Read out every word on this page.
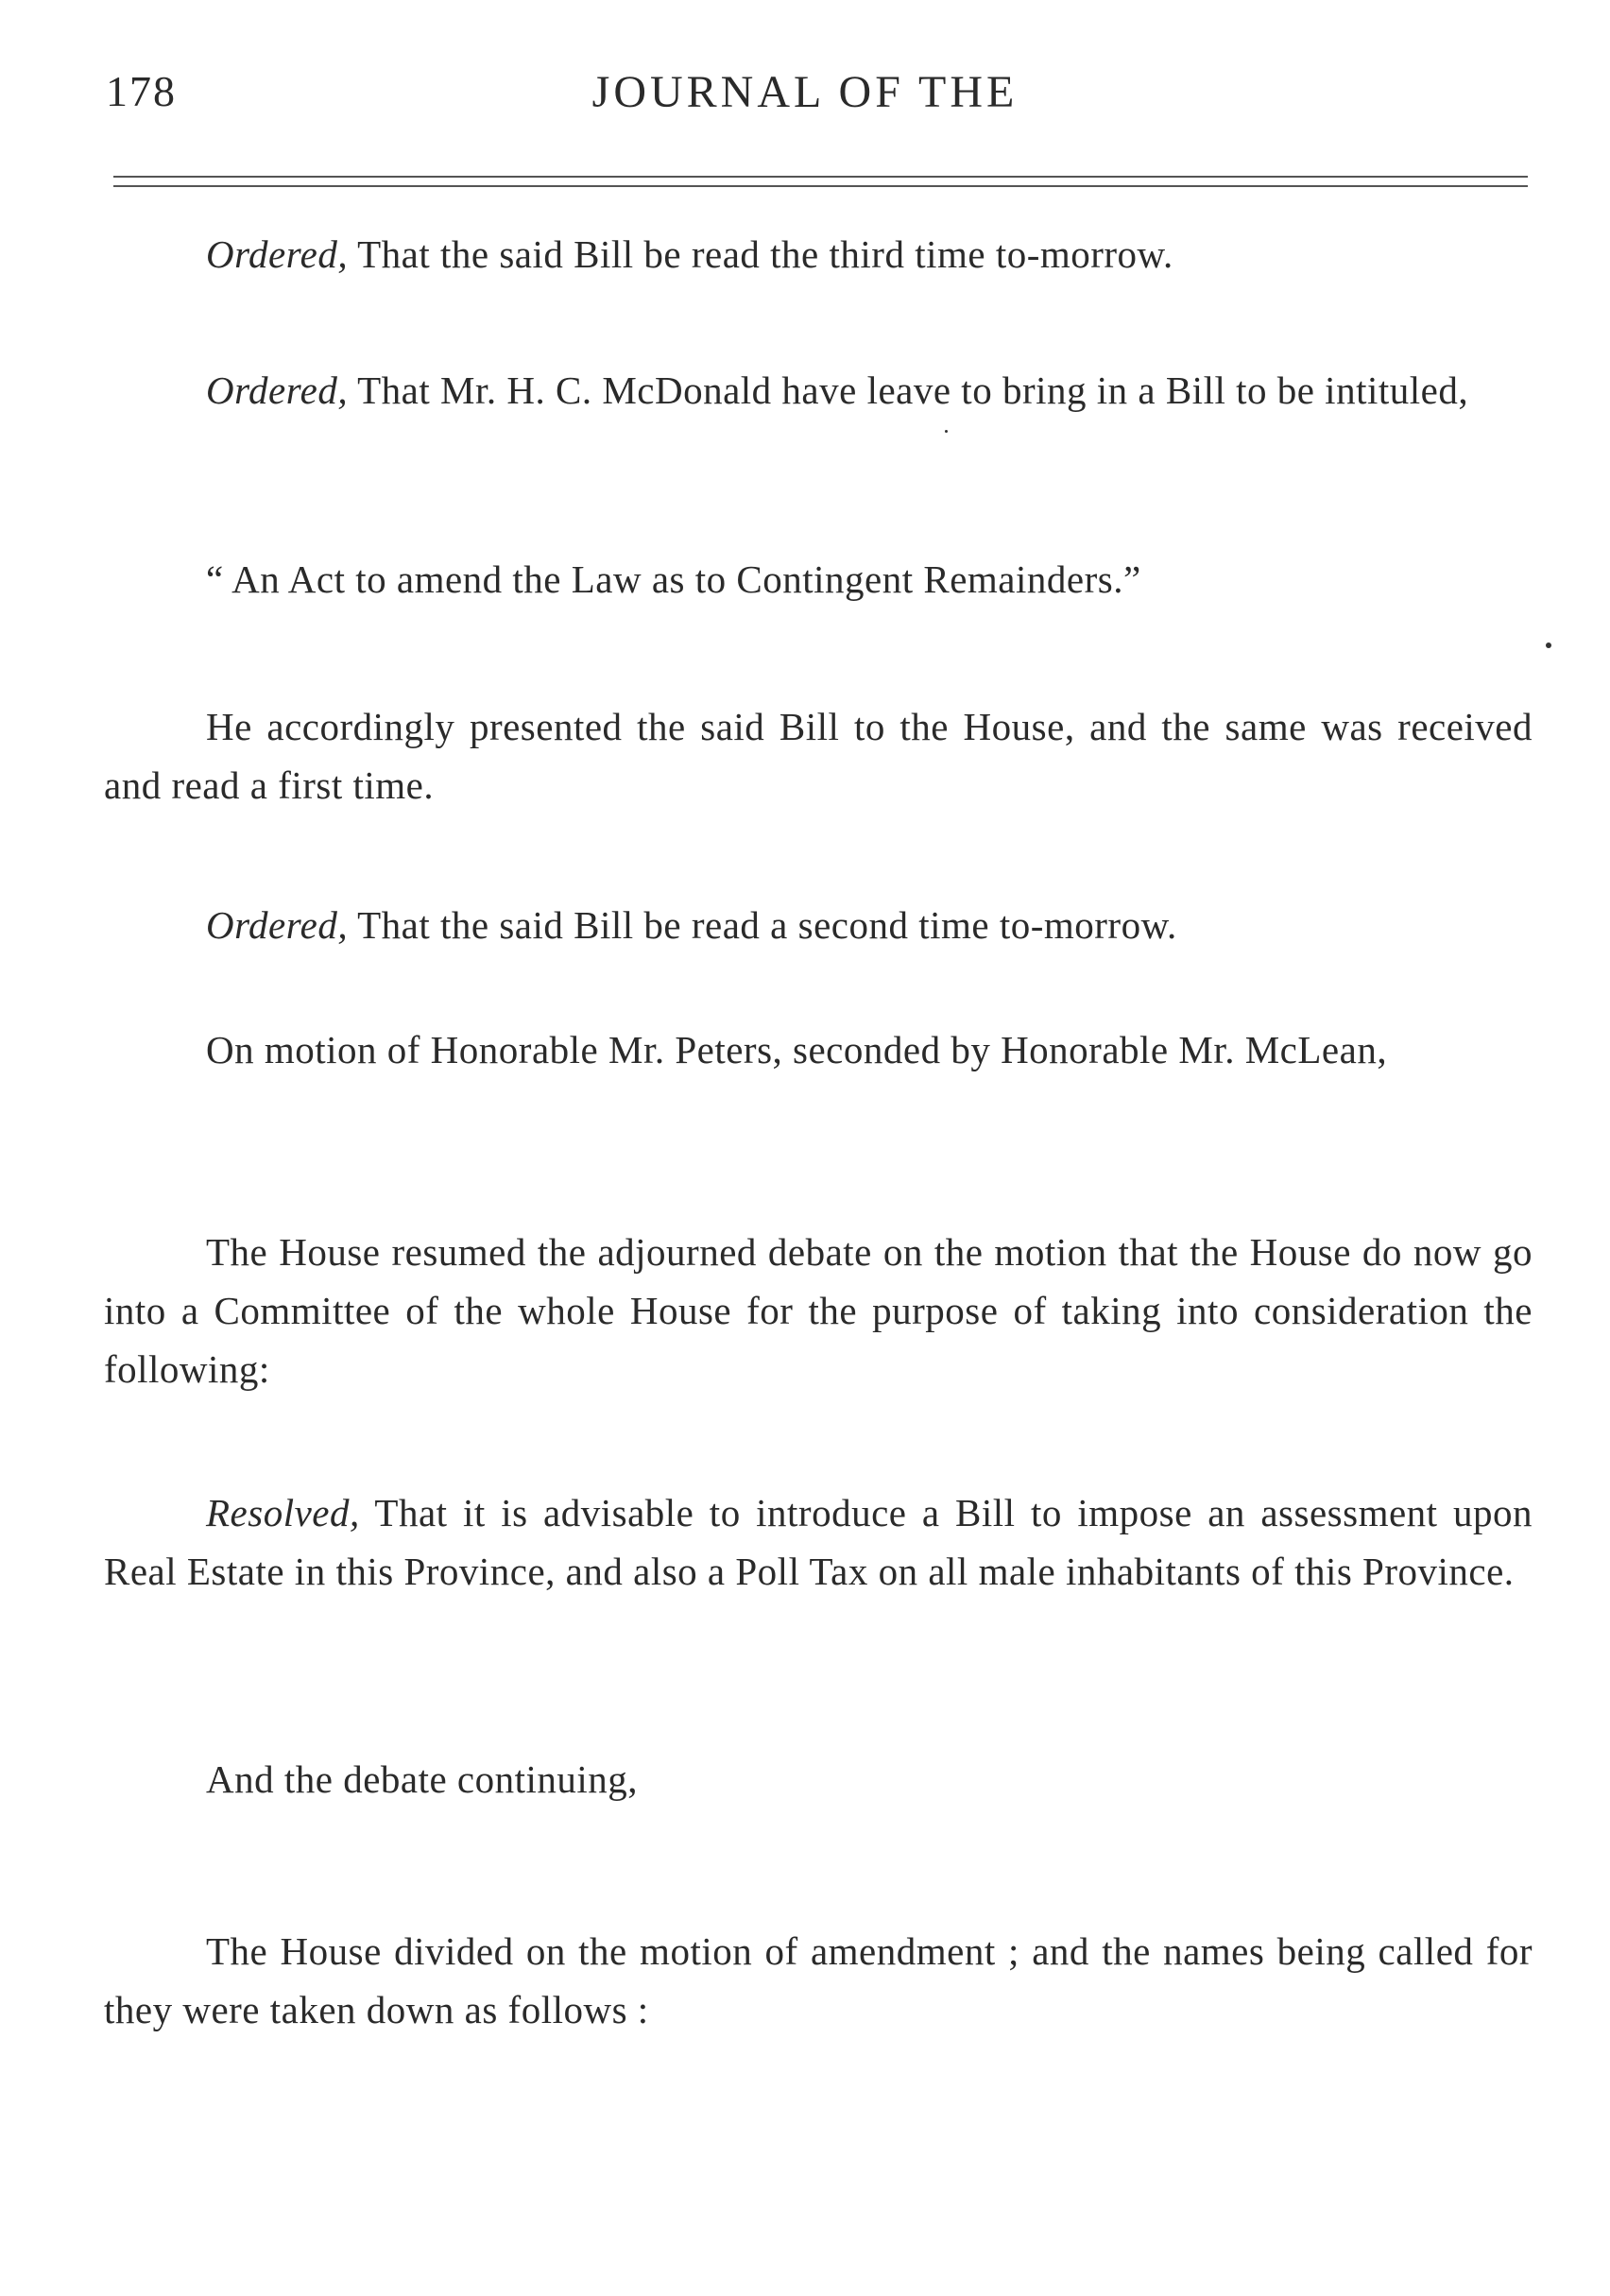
178	JOURNAL OF THE
Ordered, That the said Bill be read the third time to-morrow.
Ordered, That Mr. H. C. McDonald have leave to bring in a Bill to be intituled,
“ An Act to amend the Law as to Contingent Remainders.”
He accordingly presented the said Bill to the House, and the same was received and read a first time.
Ordered, That the said Bill be read a second time to-morrow.
On motion of Honorable Mr. Peters, seconded by Honorable Mr. McLean,
The House resumed the adjourned debate on the motion that the House do now go into a Committee of the whole House for the purpose of taking into consideration the following:
Resolved, That it is advisable to introduce a Bill to impose an assessment upon Real Estate in this Province, and also a Poll Tax on all male inhabitants of this Province.
And the debate continuing,
The House divided on the motion of amendment ; and the names being called for they were taken down as follows :
